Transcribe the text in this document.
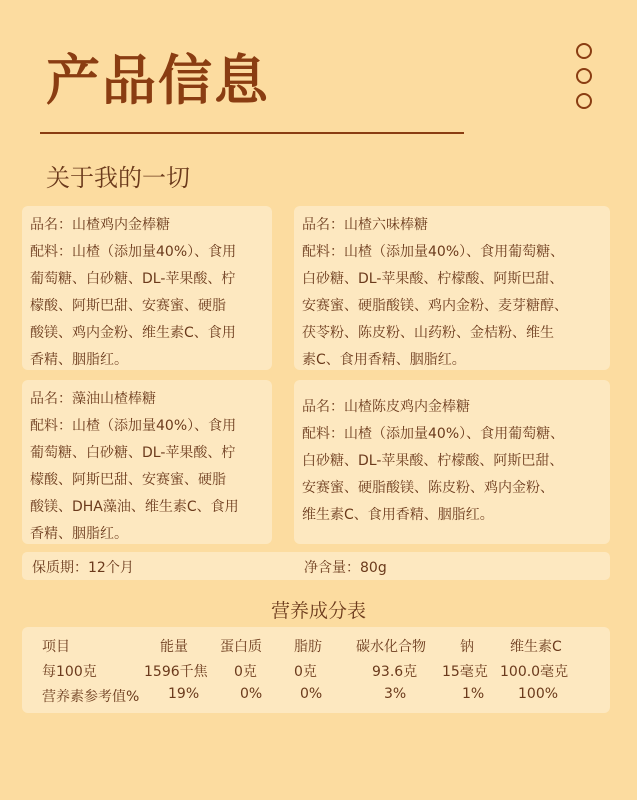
产品信息
关于我的一切

品名：山楂鸡内金棒糖

配料：山楂（添加量40%）、食用

葡萄糖、白砂糖、DL-苹果酸、柠

檬酸、阿斯巴甜、安赛蜜、硬脂

酸镁、鸡内金粉、维生素C、食用

香精、胭脂红。

品名：山楂六味棒糖

配料：山楂（添加量40%）、食用葡萄糖、

白砂糖、DL-苹果酸、柠檬酸、阿斯巴甜、

安赛蜜、硬脂酸镁、鸡内金粉、麦芽糖醇、

茯苓粉、陈皮粉、山药粉、金桔粉、维生

素C、食用香精、胭脂红。

品名：藻油山楂棒糖

配料：山楂（添加量40%）、食用

葡萄糖、白砂糖、DL-苹果酸、柠

檬酸、阿斯巴甜、安赛蜜、硬脂

酸镁、DHA藻油、维生素C、食用

香精、胭脂红。

品名：山楂陈皮鸡内金棒糖

配料：山楂（添加量40%）、食用葡萄糖、

白砂糖、DL-苹果酸、柠檬酸、阿斯巴甜、

安赛蜜、硬脂酸镁、陈皮粉、鸡内金粉、

维生素C、食用香精、胭脂红。

保质期：12个月	净含量：80g
营养成分表
项目	能量 蛋白质 脂肪 碳水化合物 钠	维生素C
每100克	1596千焦 0克	0克	93.6克 15毫克 100.0毫克
营养素参考值% 19%	0%	0%	3%	1% 100%
